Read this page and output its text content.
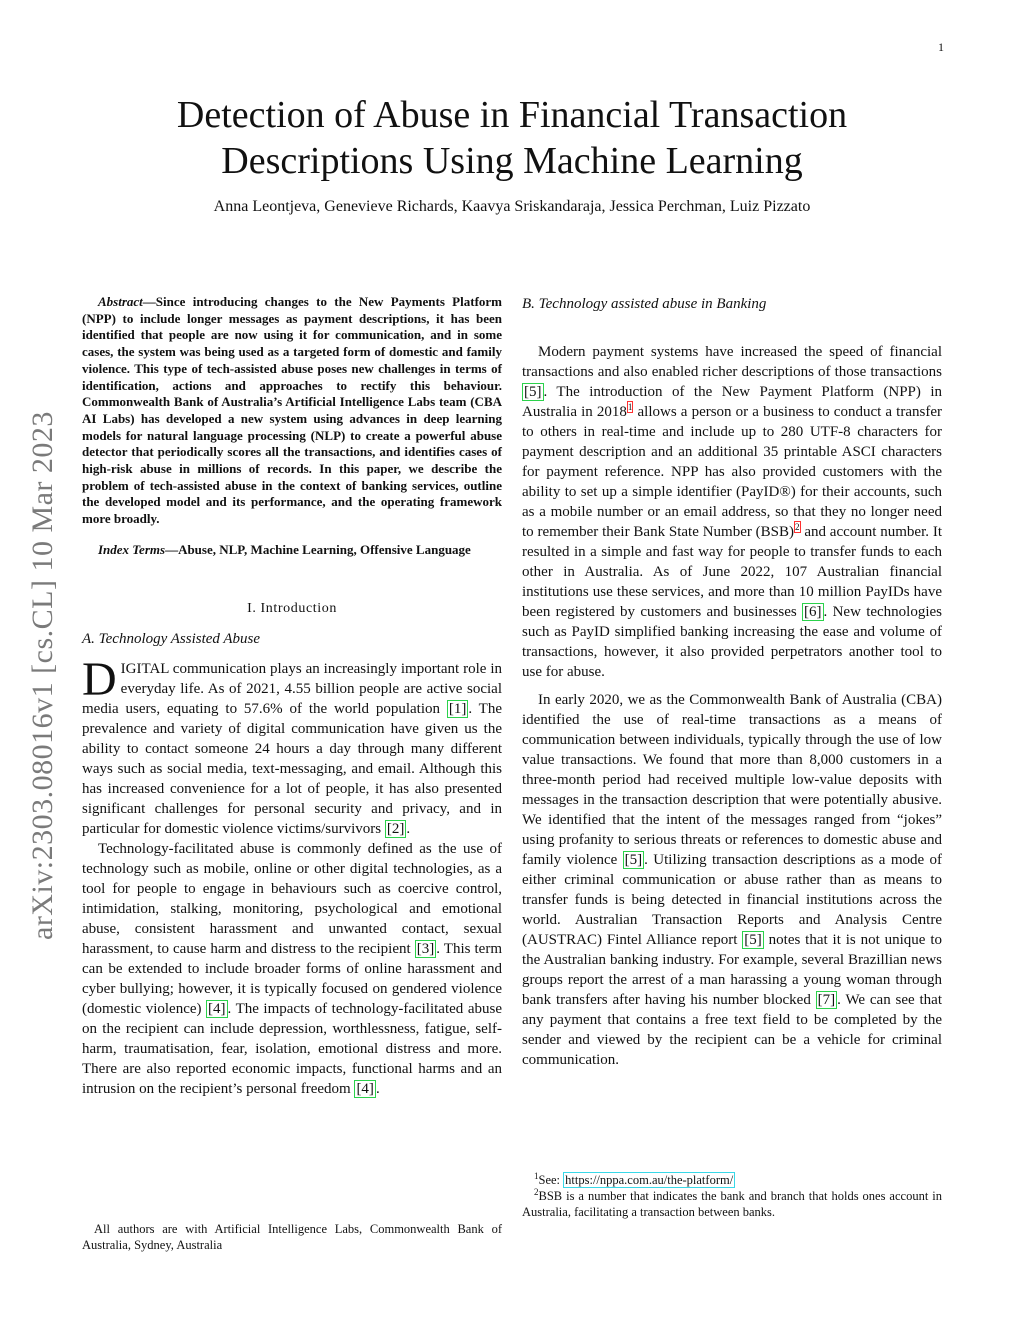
1
arXiv:2303.08016v1 [cs.CL] 10 Mar 2023
Detection of Abuse in Financial Transaction
Descriptions Using Machine Learning
Anna Leontjeva, Genevieve Richards, Kaavya Sriskandaraja, Jessica Perchman, Luiz Pizzato

Abstract—Since introducing changes to the New Payments Platform (NPP) to include longer messages as payment descriptions, it has been identified that people are now using it for communication, and in some cases, the system was being used as a targeted form of domestic and family violence. This type of tech-assisted abuse poses new challenges in terms of identification, actions and approaches to rectify this behaviour. Commonwealth Bank of Australia’s Artificial Intelligence Labs team (CBA AI Labs) has developed a new system using advances in deep learning models for natural language processing (NLP) to create a powerful abuse detector that periodically scores all the transactions, and identifies cases of high-risk abuse in millions of records. In this paper, we describe the problem of tech-assisted abuse in the context of banking services, outline the developed model and its performance, and the operating framework more broadly.

Index Terms—Abuse, NLP, Machine Learning, Offensive Language

I. Introduction
A. Technology Assisted Abuse

DIGITAL communication plays an increasingly important role in everyday life. As of 2021, 4.55 billion people are active social media users, equating to 57.6% of the world population [1] . The prevalence and variety of digital communication have given us the ability to contact someone 24 hours a day through many different ways such as social media, text-messaging, and email. Although this has increased convenience for a lot of people, it has also presented significant challenges for personal security and privacy, and in particular for domestic violence victims/survivors [2] .

Technology-facilitated abuse is commonly defined as the use of technology such as mobile, online or other digital technologies, as a tool for people to engage in behaviours such as coercive control, intimidation, stalking, monitoring, psychological and emotional abuse, consistent harassment and unwanted contact, sexual harassment, to cause harm and distress to the recipient [3] . This term can be extended to include broader forms of online harassment and cyber bullying; however, it is typically focused on gendered violence (domestic violence) [4] . The impacts of technology-facilitated abuse on the recipient can include depression, worthlessness, fatigue, self-harm, traumatisation, fear, isolation, emotional distress and more. There are also reported economic impacts, functional harms and an intrusion on the recipient’s personal freedom [4] .

All authors are with Artificial Intelligence Labs, Commonwealth Bank of Australia, Sydney, Australia
B. Technology assisted abuse in Banking

Modern payment systems have increased the speed of financial transactions and also enabled richer descriptions of those transactions [5] . The introduction of the New Payment Platform (NPP) in Australia in 2018$^1$ allows a person or a business to conduct a transfer to others in real-time and include up to 280 UTF-8 characters for payment description and an additional 35 printable ASCI characters for payment reference. NPP has also provided customers with the ability to set up a simple identifier (PayID®) for their accounts, such as a mobile number or an email address, so that they no longer need to remember their Bank State Number (BSB)$^2$ and account number. It resulted in a simple and fast way for people to transfer funds to each other in Australia. As of June 2022, 107 Australian financial institutions use these services, and more than 10 million PayIDs have been registered by customers and businesses [6] . New technologies such as PayID simplified banking increasing the ease and volume of transactions, however, it also provided perpetrators another tool to use for abuse.

In early 2020, we as the Commonwealth Bank of Australia (CBA) identified the use of real-time transactions as a means of communication between individuals, typically through the use of low value transactions. We found that more than 8,000 customers in a three-month period had received multiple low-value deposits with messages in the transaction description that were potentially abusive. We identified that the intent of the messages ranged from “jokes” using profanity to serious threats or references to domestic abuse and family violence [5] . Utilizing transaction descriptions as a mode of either criminal communication or abuse rather than as means to transfer funds is being detected in financial institutions across the world. Australian Transaction Reports and Analysis Centre (AUSTRAC) Fintel Alliance report [5] notes that it is not unique to the Australian banking industry. For example, several Brazillian news groups report the arrest of a man harassing a young woman through bank transfers after having his number blocked [7] . We can see that any payment that contains a free text field to be completed by the sender and viewed by the recipient can be a vehicle for criminal communication.

$^1$See: https://nppa.com.au/the-platform/

$^2$BSB is a number that indicates the bank and branch that holds ones account in Australia, facilitating a transaction between banks.
